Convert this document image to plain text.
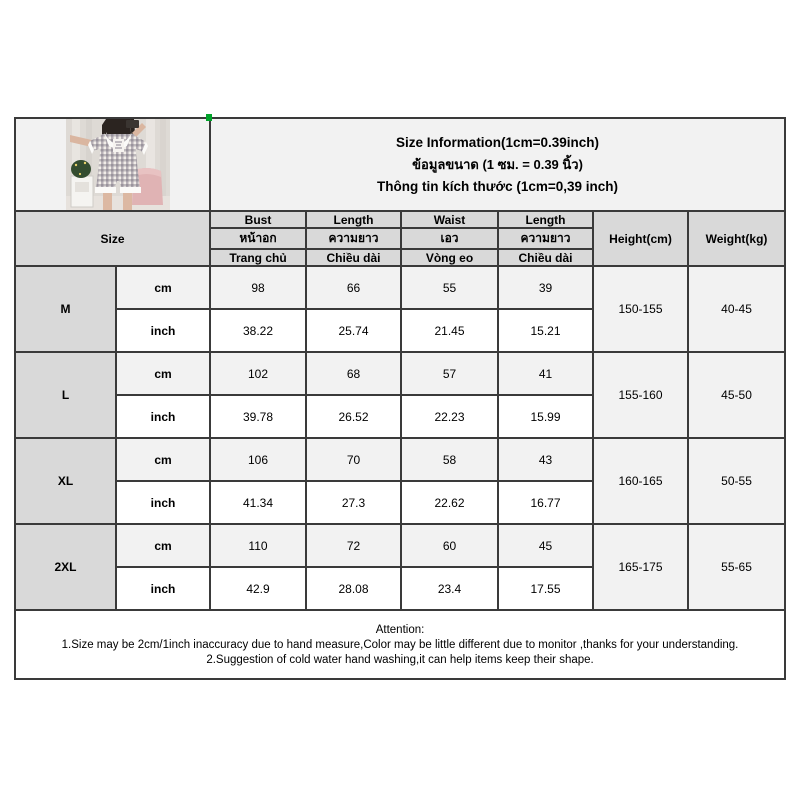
Size Information(1cm=0.39inch)
ข้อมูลขนาด (1 ซม. = 0.39 นิ้ว)
Thông tin kích thước (1cm=0,39 inch)					

Size		Bust	Length	Waist	Length	Height(cm)	Weight(kg)
		หน้าอก	ความยาว	เอว	ความยาว		
		Trang chủ	Chiều dài	Vòng eo	Chiều dài		
M	cm	98	66	55	39	150-155	40-45
	inch	38.22	25.74	21.45	15.21		
L	cm	102	68	57	41	155-160	45-50
	inch	39.78	26.52	22.23	15.99		
XL	cm	106	70	58	43	160-165	50-55
	inch	41.34	27.3	22.62	16.77		
2XL	cm	110	72	60	45	165-175	55-65
	inch	42.9	28.08	23.4	17.55		

Attention:
1.Size may be 2cm/1inch inaccuracy due to hand measure,Color may be little different due to monitor ,thanks for your understanding.
2.Suggestion of cold water hand washing,it can help items keep their shape.							
